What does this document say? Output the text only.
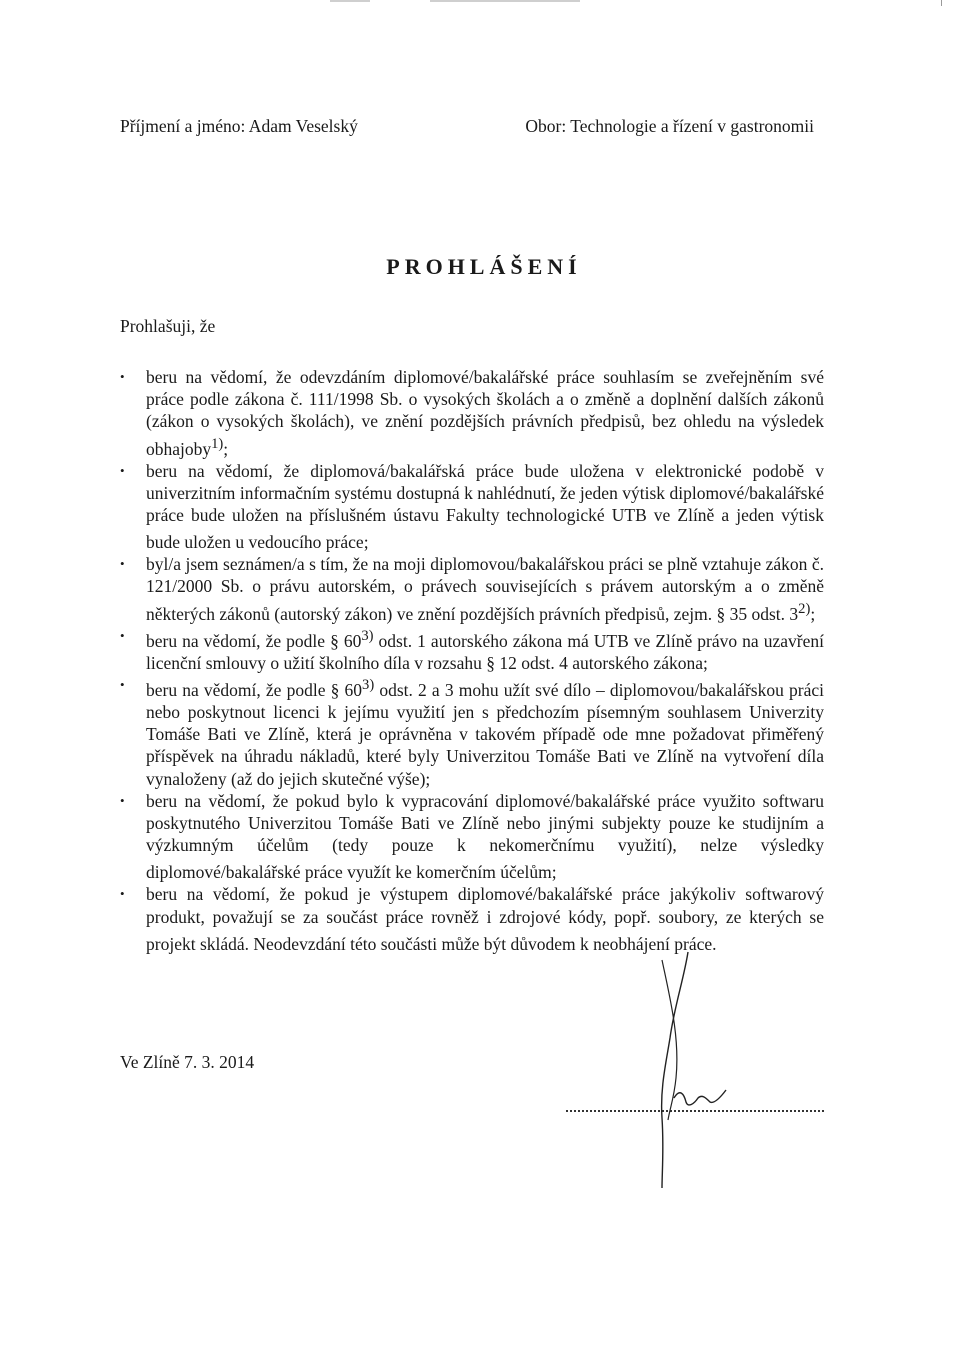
Příjmení a jméno: Adam Veselský	Obor: Technologie a řízení v gastronomii
PROHLÁŠENÍ
Prohlašuji, že
• beru na vědomí, že odevzdáním diplomové/bakalářské práce souhlasím se zveřejněním své práce podle zákona č. 111/1998 Sb. o vysokých školách a o změně a doplnění dalších zákonů (zákon o vysokých školách), ve znění pozdějších právních předpisů, bez ohledu na výsledek obhajoby$^{1)}$;
• beru na vědomí, že diplomová/bakalářská práce bude uložena v elektronické podobě v univerzitním informačním systému dostupná k nahlédnutí, že jeden výtisk diplomové/bakalářské práce bude uložen na příslušném ústavu Fakulty technologické UTB ve Zlíně a jeden výtisk bude uložen u vedoucího práce;
• byl/a jsem seznámen/a s tím, že na moji diplomovou/bakalářskou práci se plně vztahuje zákon č. 121/2000 Sb. o právu autorském, o právech souvisejících s právem autorským a o změně některých zákonů (autorský zákon) ve znění pozdějších právních předpisů, zejm. § 35 odst. 3$^{2)}$;
• beru na vědomí, že podle § 60$^{3)}$ odst. 1 autorského zákona má UTB ve Zlíně právo na uzavření licenční smlouvy o užití školního díla v rozsahu § 12 odst. 4 autorského zákona;
• beru na vědomí, že podle § 60$^{3)}$ odst. 2 a 3 mohu užít své dílo – diplomovou/bakalářskou práci nebo poskytnout licenci k jejímu využití jen s předchozím písemným souhlasem Univerzity Tomáše Bati ve Zlíně, která je oprávněna v takovém případě ode mne požadovat přiměřený příspěvek na úhradu nákladů, které byly Univerzitou Tomáše Bati ve Zlíně na vytvoření díla vynaloženy (až do jejich skutečné výše);
• beru na vědomí, že pokud bylo k vypracování diplomové/bakalářské práce využito softwaru poskytnutého Univerzitou Tomáše Bati ve Zlíně nebo jinými subjekty pouze ke studijním a výzkumným účelům (tedy pouze k nekomerčnímu využití), nelze výsledky diplomové/bakalářské práce využít ke komerčním účelům;
• beru na vědomí, že pokud je výstupem diplomové/bakalářské práce jakýkoliv softwarový produkt, považují se za součást práce rovněž i zdrojové kódy, popř. soubory, ze kterých se projekt skládá. Neodevzdání této součásti může být důvodem k neobhájení práce.
Ve Zlíně 7. 3. 2014
